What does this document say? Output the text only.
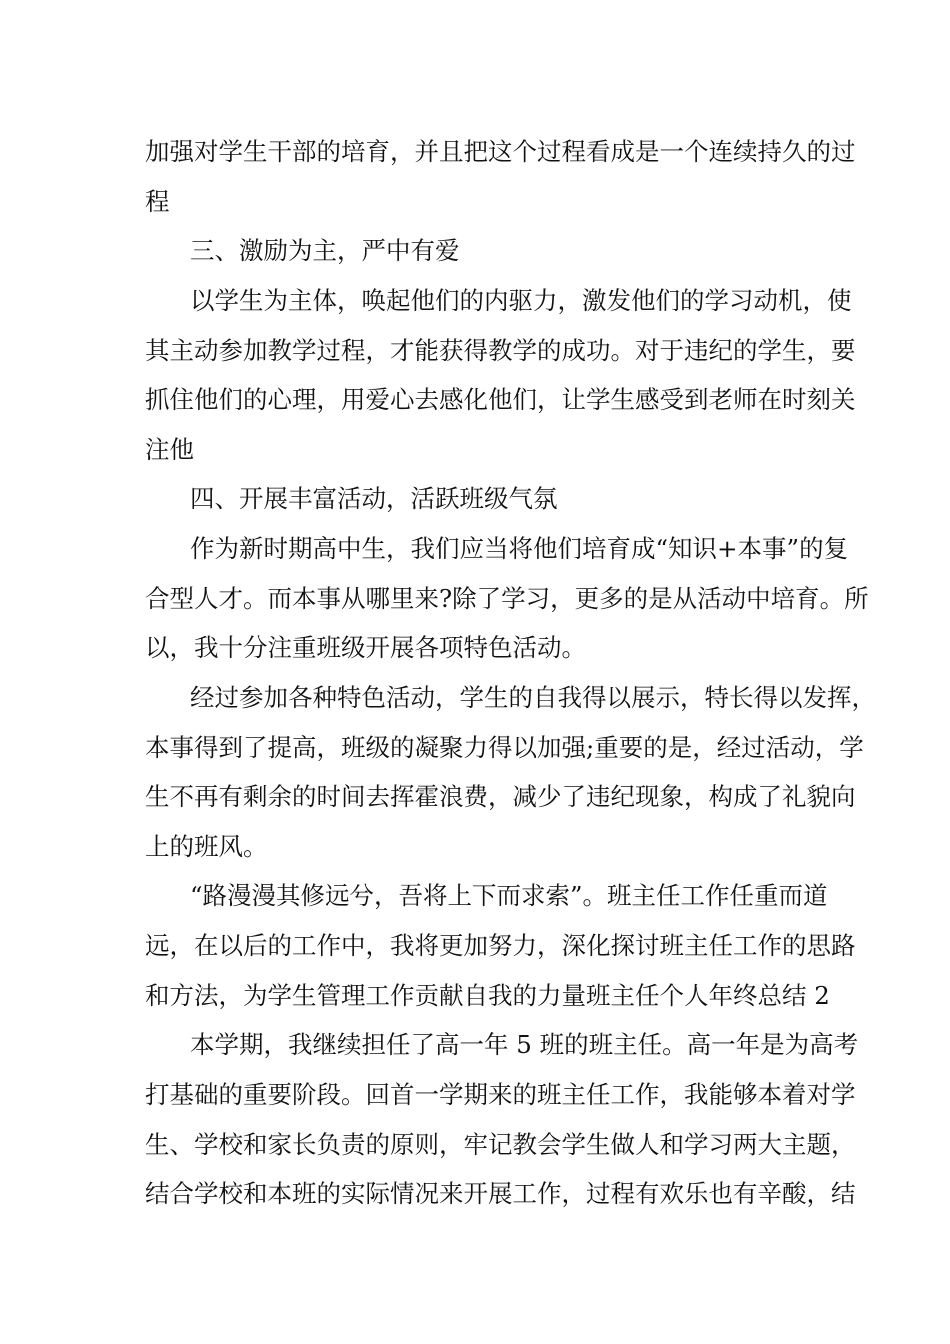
加强对学生干部的培育，并且把这个过程看成是一个连续持久的过
程
三、激励为主，严中有爱
以学生为主体，唤起他们的内驱力，激发他们的学习动机，使
其主动参加教学过程，才能获得教学的成功。对于违纪的学生，要
抓住他们的心理，用爱心去感化他们，让学生感受到老师在时刻关
注他
四、开展丰富活动，活跃班级气氛
作为新时期高中生，我们应当将他们培育成“知识+本事”的复
合型人才。而本事从哪里来?除了学习，更多的是从活动中培育。所
以，我十分注重班级开展各项特色活动。
经过参加各种特色活动，学生的自我得以展示，特长得以发挥，
本事得到了提高，班级的凝聚力得以加强;重要的是，经过活动，学
生不再有剩余的时间去挥霍浪费，减少了违纪现象，构成了礼貌向
上的班风。
“路漫漫其修远兮，吾将上下而求索”。班主任工作任重而道
远，在以后的工作中，我将更加努力，深化探讨班主任工作的思路
和方法，为学生管理工作贡献自我的力量班主任个人年终总结 2
本学期，我继续担任了高一年 5 班的班主任。高一年是为高考
打基础的重要阶段。回首一学期来的班主任工作，我能够本着对学
生、学校和家长负责的原则，牢记教会学生做人和学习两大主题，
结合学校和本班的实际情况来开展工作，过程有欢乐也有辛酸，结
